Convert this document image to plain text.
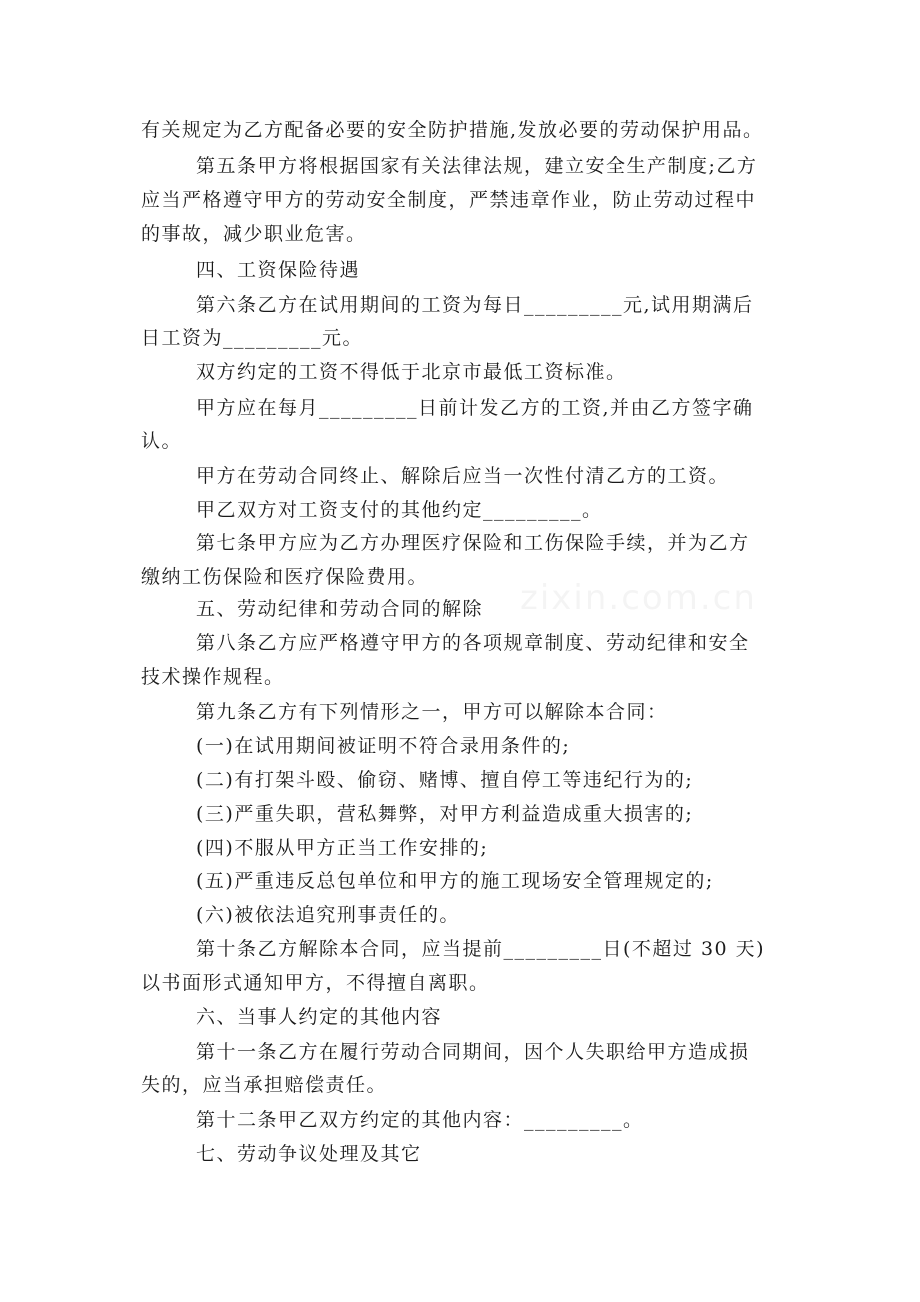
有关规定为乙方配备必要的安全防护措施,发放必要的劳动保护用品。
第五条甲方将根据国家有关法律法规，建立安全生产制度;乙方
应当严格遵守甲方的劳动安全制度，严禁违章作业，防止劳动过程中
的事故，减少职业危害。
四、工资保险待遇
第六条乙方在试用期间的工资为每日_________元,试用期满后
日工资为_________元。
双方约定的工资不得低于北京市最低工资标准。
甲方应在每月_________日前计发乙方的工资,并由乙方签字确
认。
甲方在劳动合同终止、解除后应当一次性付清乙方的工资。
甲乙双方对工资支付的其他约定_________。
第七条甲方应为乙方办理医疗保险和工伤保险手续，并为乙方
缴纳工伤保险和医疗保险费用。
五、劳动纪律和劳动合同的解除
第八条乙方应严格遵守甲方的各项规章制度、劳动纪律和安全
技术操作规程。
第九条乙方有下列情形之一，甲方可以解除本合同：
(一)在试用期间被证明不符合录用条件的;
(二)有打架斗殴、偷窃、赌博、擅自停工等违纪行为的;
(三)严重失职，营私舞弊，对甲方利益造成重大损害的;
(四)不服从甲方正当工作安排的;
(五)严重违反总包单位和甲方的施工现场安全管理规定的;
(六)被依法追究刑事责任的。
第十条乙方解除本合同，应当提前_________日(不超过 30 天)
以书面形式通知甲方，不得擅自离职。
六、当事人约定的其他内容
第十一条乙方在履行劳动合同期间，因个人失职给甲方造成损
失的，应当承担赔偿责任。
第十二条甲乙双方约定的其他内容：_________。
七、劳动争议处理及其它
